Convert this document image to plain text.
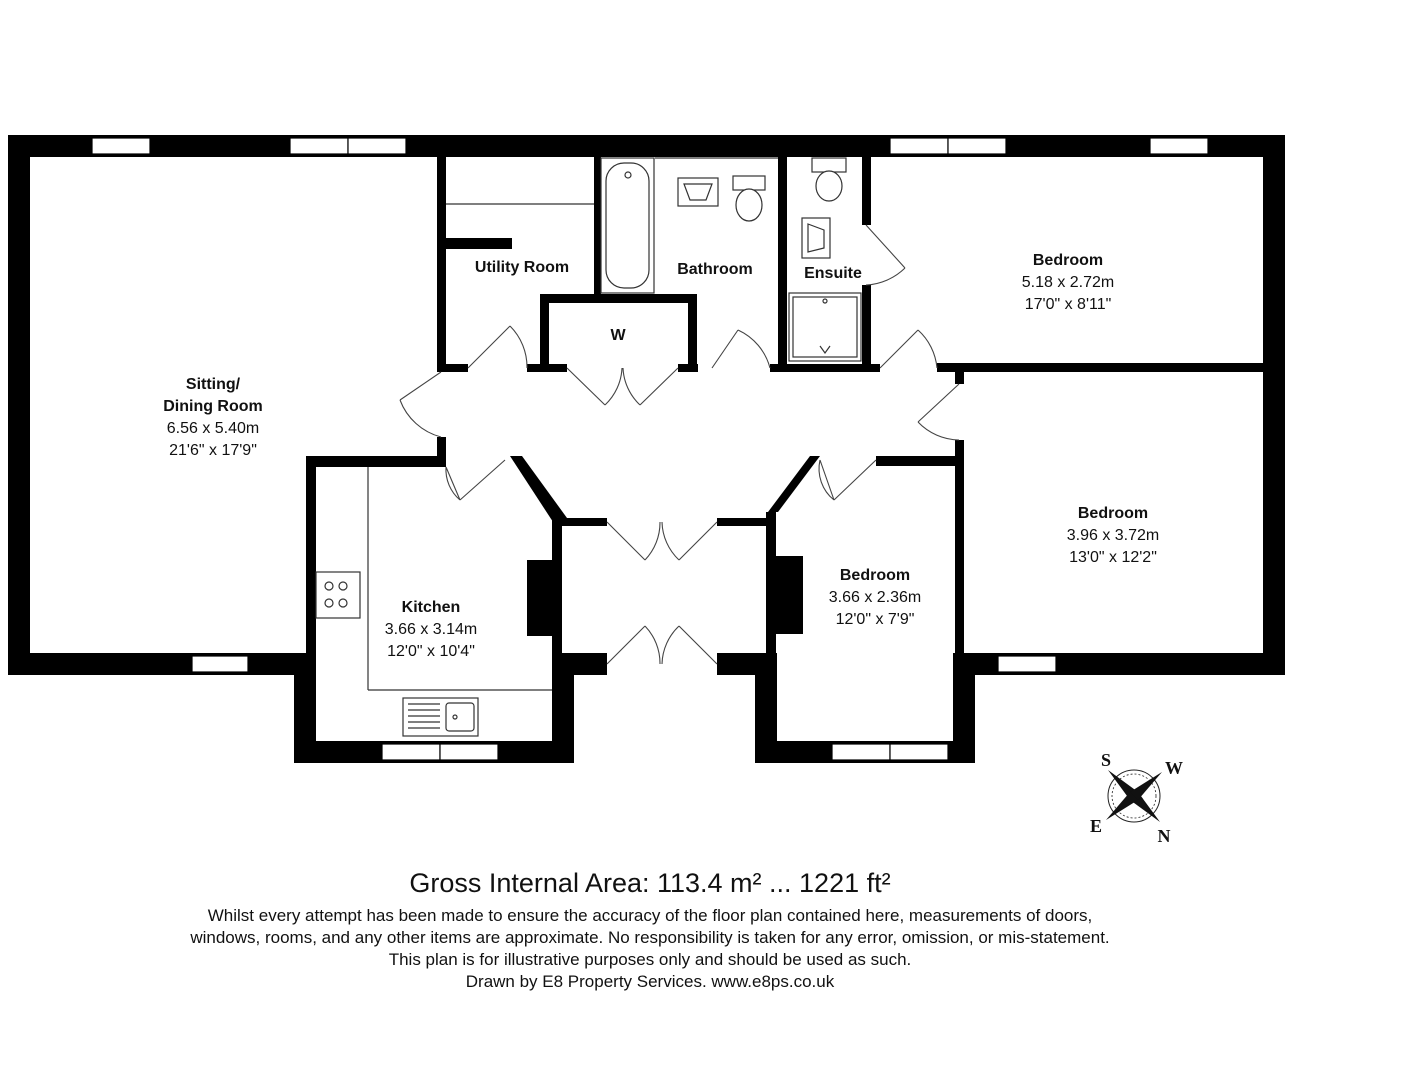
Sitting/
Dining Room
6.56 x 5.40m
21'6" x 17'9"
Utility Room	Bathroom	Ensuite
W
Bedroom
5.18 x 2.72m
17'0" x 8'11"
Bedroom
3.96 x 3.72m
13'0" x 12'2"
Bedroom
3.66 x 2.36m
12'0" x 7'9"
Kitchen
3.66 x 3.14m
12'0" x 10'4"
S	W
E	N
Gross Internal Area: 113.4 m² ... 1221 ft²
Whilst every attempt has been made to ensure the accuracy of the floor plan contained here, measurements of doors,
windows, rooms, and any other items are approximate. No responsibility is taken for any error, omission, or mis-statement.
This plan is for illustrative purposes only and should be used as such.
Drawn by E8 Property Services. www.e8ps.co.uk
